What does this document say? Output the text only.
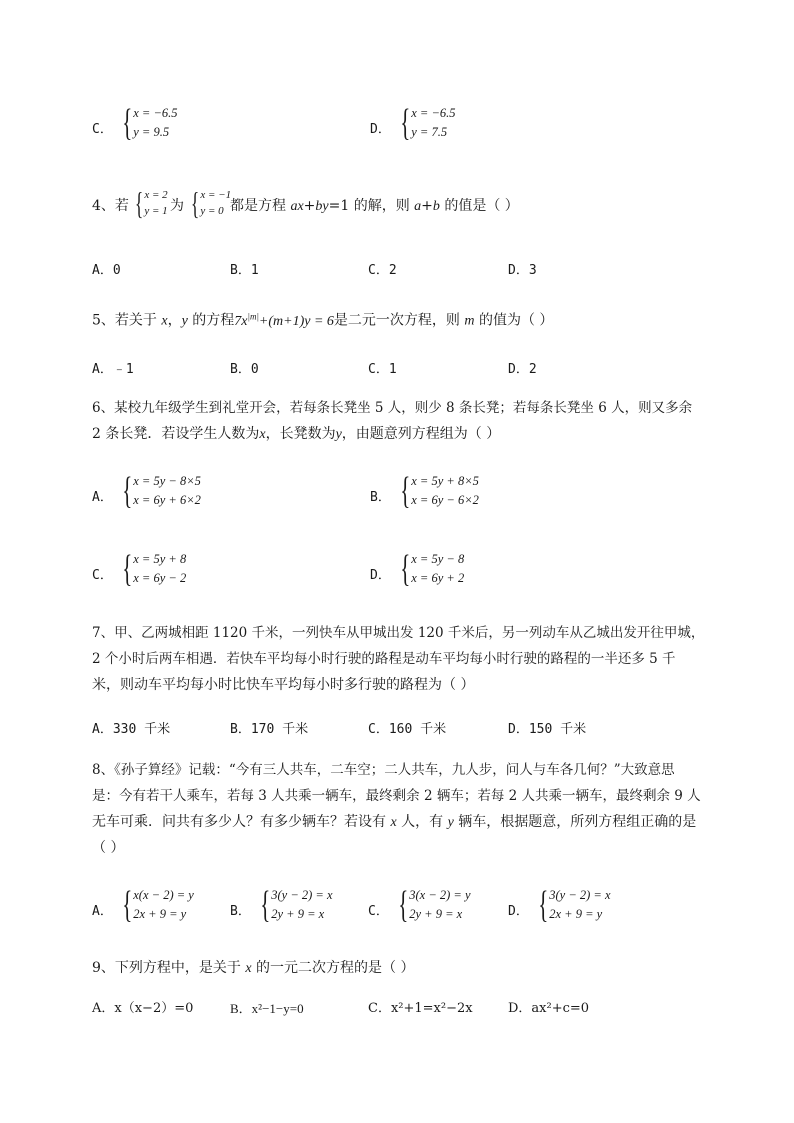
C． { x = −6.5
y = 9.5	D． { x = −6.5
y = 7.5
4、若 { x = 2
y = 1 为 { x = −1
y = 0 都是方程 ax+by=1 的解，则 a+b 的值是（ ）
A．0	B．1	C．2	D．3
5、若关于 x，y 的方程$7x^{|m|}+(m+1)y = 6$是二元一次方程，则 m 的值为（ ）
A．﹣1	B．0	C．1	D．2
6、某校九年级学生到礼堂开会，若每条长凳坐 5 人，则少 8 条长凳；若每条长凳坐 6 人，则又多余
2 条长凳．若设学生人数为x，长凳数为y，由题意列方程组为（ ）
A． { x = 5y − 8×5
x = 6y + 6×2	B． { x = 5y + 8×5
x = 6y − 6×2
C． { x = 5y + 8
x = 6y − 2	D． { x = 5y − 8
x = 6y + 2
7、甲、乙两城相距 1120 千米，一列快车从甲城出发 120 千米后，另一列动车从乙城出发开往甲城，
2 个小时后两车相遇．若快车平均每小时行驶的路程是动车平均每小时行驶的路程的一半还多 5 千
米，则动车平均每小时比快车平均每小时多行驶的路程为（ ）
A．330 千米	B．170 千米	C．160 千米	D．150 千米
8、《孙子算经》记载：“今有三人共车，二车空；二人共车，九人步，问人与车各几何？”大致意思
是：今有若干人乘车，若每 3 人共乘一辆车，最终剩余 2 辆车；若每 2 人共乘一辆车，最终剩余 9 人
无车可乘．问共有多少人？有多少辆车？若设有 x 人，有 y 辆车，根据题意，所列方程组正确的是
（ ）
A． { x(x − 2) = y
2x + 9 = y	B． { 3(y − 2) = x
2y + 9 = x	C． { 3(x − 2) = y
2y + 9 = x	D． { 3(y − 2) = x
2x + 9 = y
9、下列方程中，是关于 x 的一元二次方程的是（ ）
A．x（x−2）=0	B．x²−1−y=0	C．x²+1=x²−2x	D．ax²+c=0
